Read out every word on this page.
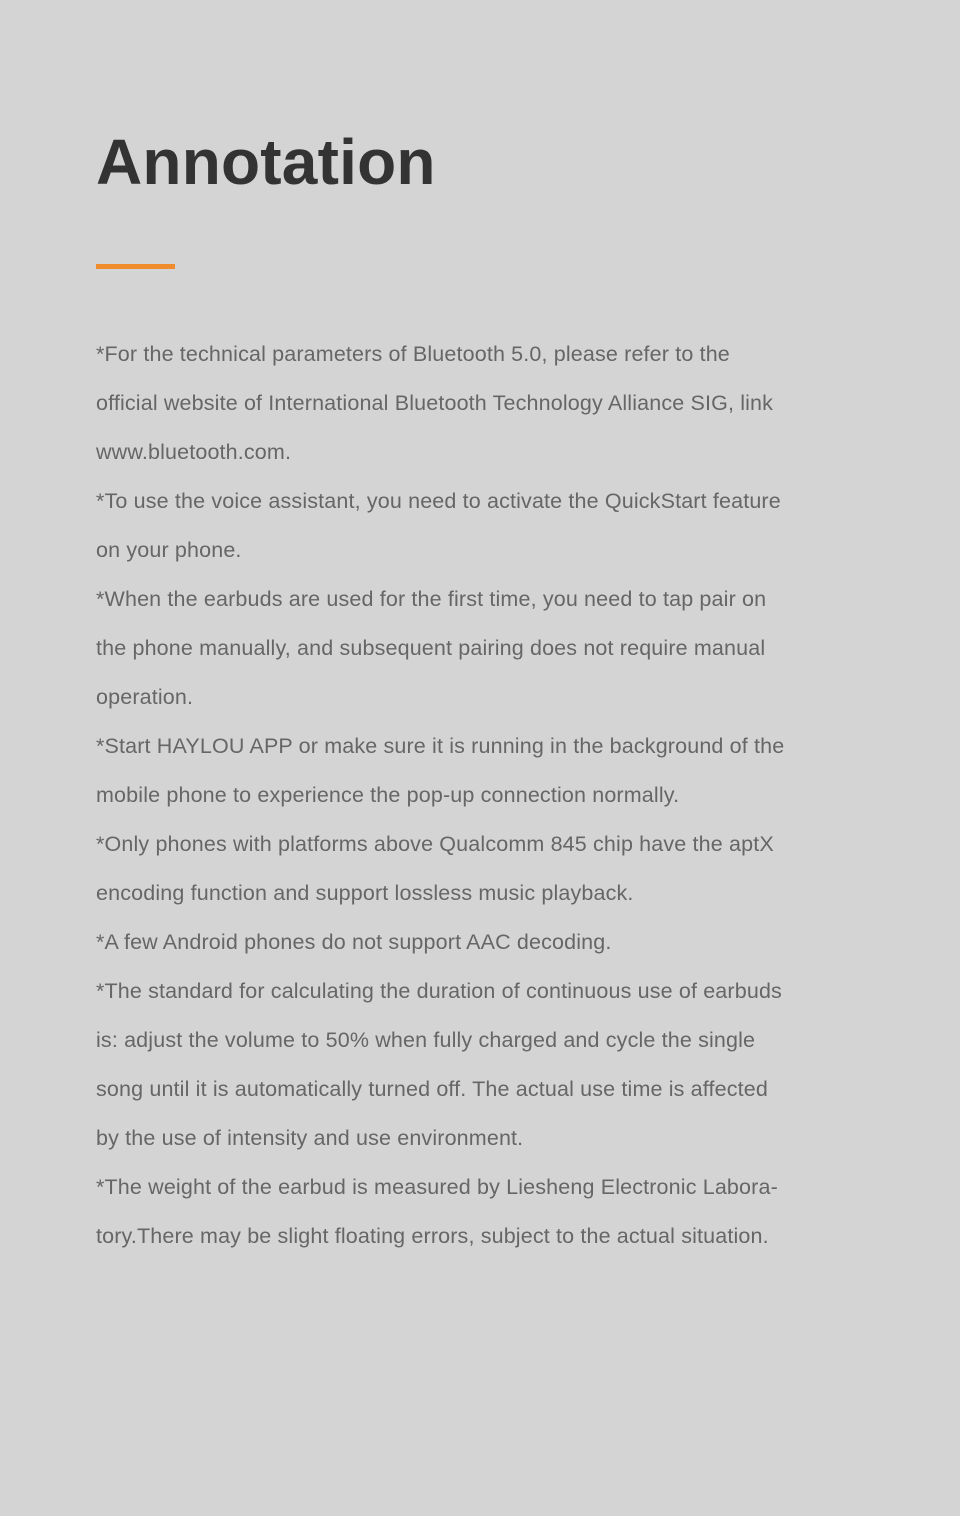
Annotation
*For the technical parameters of Bluetooth 5.0, please refer to the
official website of International Bluetooth Technology Alliance SIG, link
www.bluetooth.com.
*To use the voice assistant, you need to activate the QuickStart feature
on your phone.
*When the earbuds are used for the first time, you need to tap pair on
the phone manually, and subsequent pairing does not require manual
operation.
*Start HAYLOU APP or make sure it is running in the background of the
mobile phone to experience the pop-up connection normally.
*Only phones with platforms above Qualcomm 845 chip have the aptX
encoding function and support lossless music playback.
*A few Android phones do not support AAC decoding.
*The standard for calculating the duration of continuous use of earbuds
is: adjust the volume to 50% when fully charged and cycle the single
song until it is automatically turned off. The actual use time is affected
by the use of intensity and use environment.
*The weight of the earbud is measured by Liesheng Electronic Labora-
tory.There may be slight floating errors, subject to the actual situation.
